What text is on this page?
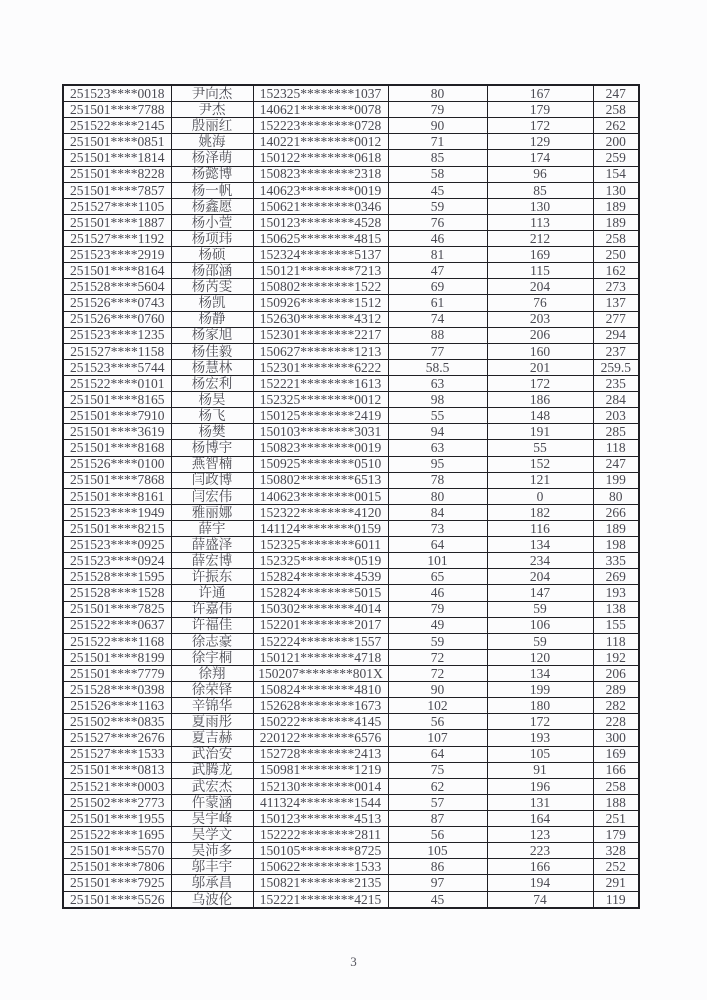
251523****0018	尹向杰	152325********1037	80	167	247
251501****7788	尹杰	140621********0078	79	179	258
251522****2145	殷丽红	152223********0728	90	172	262
251501****0851	姚海	140221********0012	71	129	200
251501****1814	杨泽萌	150122********0618	85	174	259
251501****8228	杨懿博	150823********2318	58	96	154
251501****7857	杨一帆	140623********0019	45	85	130
251527****1105	杨鑫愿	150621********0346	59	130	189
251501****1887	杨小萱	150123********4528	76	113	189
251527****1192	杨项玮	150625********4815	46	212	258
251523****2919	杨硕	152324********5137	81	169	250
251501****8164	杨邵涵	150121********7213	47	115	162
251528****5604	杨芮雯	150802********1522	69	204	273
251526****0743	杨凯	150926********1512	61	76	137
251526****0760	杨静	152630********4312	74	203	277
251523****1235	杨家旭	152301********2217	88	206	294
251527****1158	杨佳毅	150627********1213	77	160	237
251523****5744	杨慧林	152301********6222	58.5	201	259.5
251522****0101	杨宏利	152221********1613	63	172	235
251501****8165	杨昊	152325********0012	98	186	284
251501****7910	杨飞	150125********2419	55	148	203
251501****3619	杨樊	150103********3031	94	191	285
251501****8168	杨博宇	150823********0019	63	55	118
251526****0100	燕智楠	150925********0510	95	152	247
251501****7868	闫政博	150802********6513	78	121	199
251501****8161	闫宏伟	140623********0015	80	0	80
251523****1949	雅丽娜	152322********4120	84	182	266
251501****8215	薛宇	141124********0159	73	116	189
251523****0925	薛盛泽	152325********6011	64	134	198
251523****0924	薛宏博	152325********0519	101	234	335
251528****1595	许振东	152824********4539	65	204	269
251528****1528	许通	152824********5015	46	147	193
251501****7825	许嘉伟	150302********4014	79	59	138
251522****0637	许福佳	152201********2017	49	106	155
251522****1168	徐志豪	152224********1557	59	59	118
251501****8199	徐宇桐	150121********4718	72	120	192
251501****7779	徐翔	150207********801X	72	134	206
251528****0398	徐荣铎	150824********4810	90	199	289
251526****1163	辛锦华	152628********1673	102	180	282
251502****0835	夏雨彤	150222********4145	56	172	228
251527****2676	夏吉赫	220122********6576	107	193	300
251527****1533	武治安	152728********2413	64	105	169
251501****0813	武腾龙	150981********1219	75	91	166
251521****0003	武宏杰	152130********0014	62	196	258
251502****2773	仵蒙涵	411324********1544	57	131	188
251501****1955	吴宇峰	150123********4513	87	164	251
251522****1695	吴学文	152222********2811	56	123	179
251501****5570	吴沛多	150105********8725	105	223	328
251501****7806	邬丰宇	150622********1533	86	166	252
251501****7925	邬承昌	150821********2135	97	194	291
251501****5526	乌波伦	152221********4215	45	74	119
3
